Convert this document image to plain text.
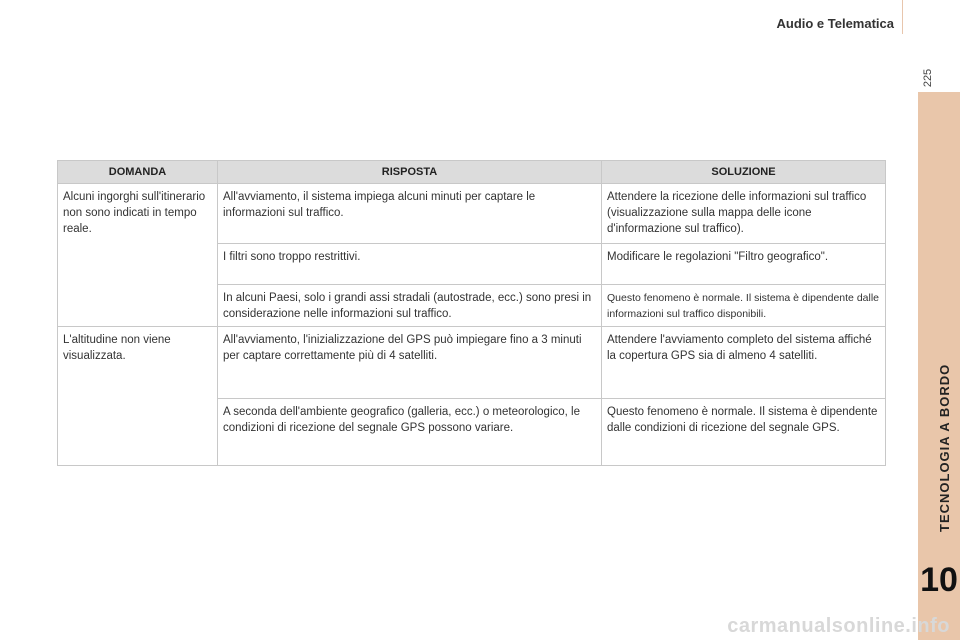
Audio e Telematica
225
TECNOLOGIA A BORDO
10
DOMANDA	RISPOSTA	SOLUZIONE
Alcuni ingorghi sull'itinerario non sono indicati in tempo reale.	All'avviamento, il sistema impiega alcuni minuti per captare le informazioni sul traffico.	Attendere la ricezione delle informazioni sul traffico (visualizzazione sulla mappa delle icone d'informazione sul traffico).
	I filtri sono troppo restrittivi.	Modificare le regolazioni "Filtro geografico".
	In alcuni Paesi, solo i grandi assi stradali (autostrade, ecc.) sono presi in considerazione nelle informazioni sul traffico.	Questo fenomeno è normale. Il sistema è dipendente dalle informazioni sul traffico disponibili.
L'altitudine non viene visualizzata.	All'avviamento, l'inizializzazione del GPS può impiegare fino a 3 minuti per captare correttamente più di 4 satelliti.	Attendere l'avviamento completo del sistema affiché la copertura GPS sia di almeno 4 satelliti.
	A seconda dell'ambiente geografico (galleria, ecc.) o meteorologico, le condizioni di ricezione del segnale GPS possono variare.	Questo fenomeno è normale. Il sistema è dipendente dalle condizioni di ricezione del segnale GPS.
carmanualsonline.info
